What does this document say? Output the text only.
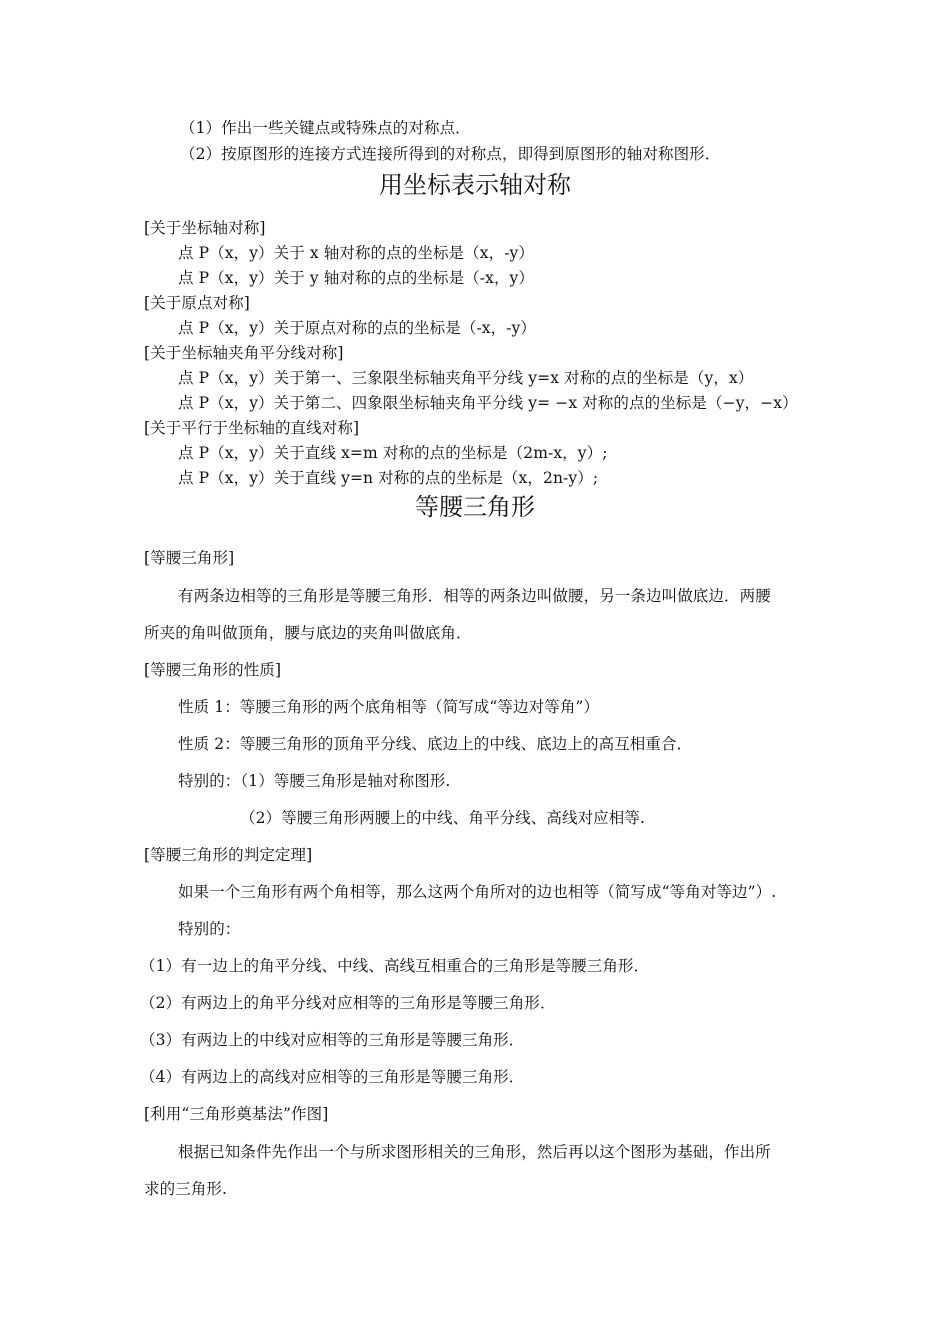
（1）作出一些关键点或特殊点的对称点．
（2）按原图形的连接方式连接所得到的对称点，即得到原图形的轴对称图形．
用坐标表示轴对称
[关于坐标轴对称]
点 P（x，y）关于 x 轴对称的点的坐标是（x，-y）
点 P（x，y）关于 y 轴对称的点的坐标是（-x，y）
[关于原点对称]
点 P（x，y）关于原点对称的点的坐标是（-x，-y）
[关于坐标轴夹角平分线对称]
点 P（x，y）关于第一、三象限坐标轴夹角平分线 y=x 对称的点的坐标是（y，x）
点 P（x，y）关于第二、四象限坐标轴夹角平分线 y= −x 对称的点的坐标是（−y，−x）
[关于平行于坐标轴的直线对称]
点 P（x，y）关于直线 x=m 对称的点的坐标是（2m-x，y）;
点 P（x，y）关于直线 y=n 对称的点的坐标是（x，2n-y）;
等腰三角形
[等腰三角形]
有两条边相等的三角形是等腰三角形．相等的两条边叫做腰，另一条边叫做底边．两腰
所夹的角叫做顶角，腰与底边的夹角叫做底角．
[等腰三角形的性质]
性质 1：等腰三角形的两个底角相等（简写成“等边对等角”）
性质 2：等腰三角形的顶角平分线、底边上的中线、底边上的高互相重合．
特别的：（1）等腰三角形是轴对称图形.
（2）等腰三角形两腰上的中线、角平分线、高线对应相等.
[等腰三角形的判定定理]
如果一个三角形有两个角相等，那么这两个角所对的边也相等（简写成“等角对等边”）.
特别的：
（1）有一边上的角平分线、中线、高线互相重合的三角形是等腰三角形．
（2）有两边上的角平分线对应相等的三角形是等腰三角形．
（3）有两边上的中线对应相等的三角形是等腰三角形．
（4）有两边上的高线对应相等的三角形是等腰三角形．
[利用“三角形奠基法”作图]
根据已知条件先作出一个与所求图形相关的三角形，然后再以这个图形为基础，作出所
求的三角形.
